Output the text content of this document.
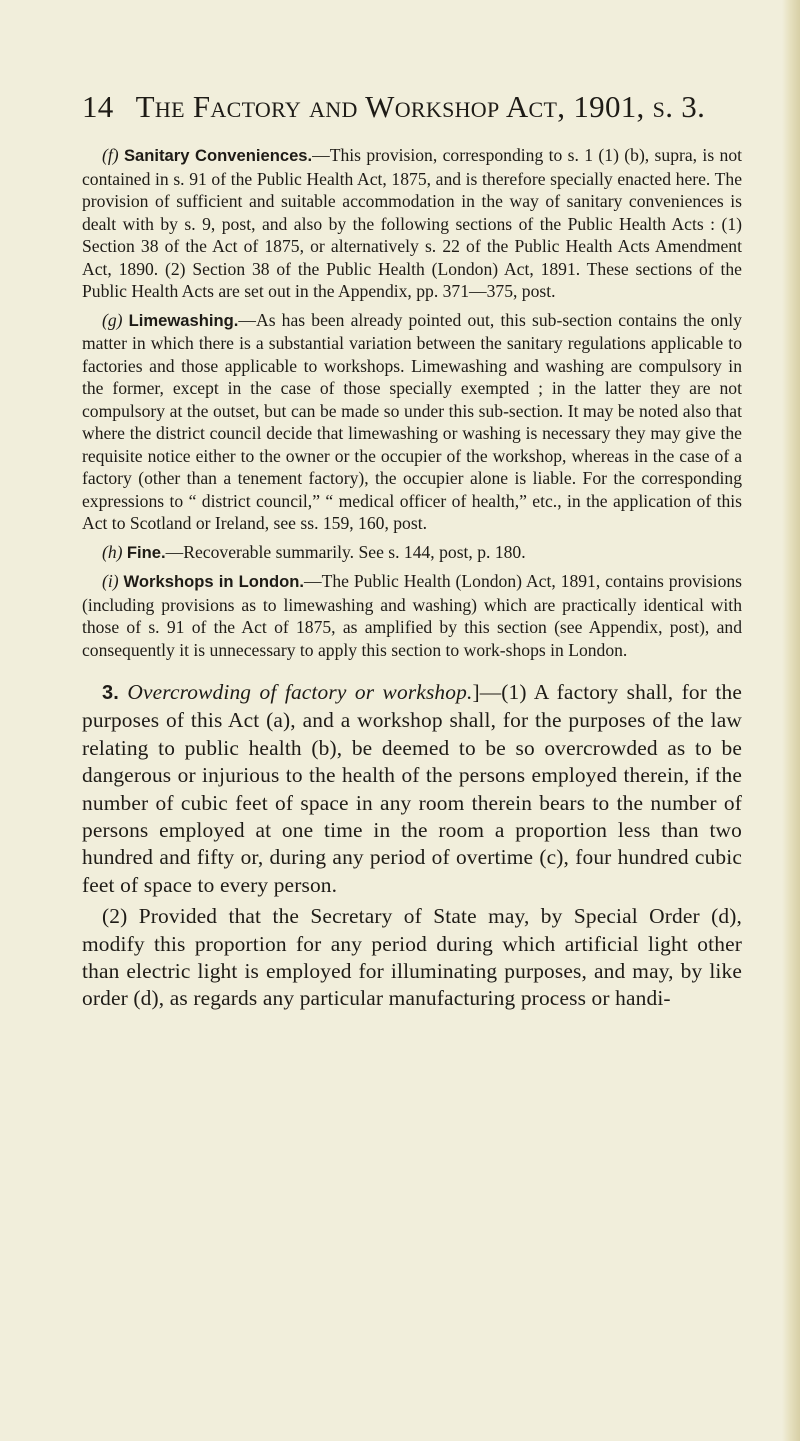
14 The Factory and Workshop Act, 1901, s. 3.

(f) Sanitary Conveniences.—This provision, corresponding to s. 1 (1) (b), supra, is not contained in s. 91 of the Public Health Act, 1875, and is therefore specially enacted here. The provision of sufficient and suitable accommodation in the way of sanitary conveniences is dealt with by s. 9, post, and also by the following sections of the Public Health Acts : (1) Section 38 of the Act of 1875, or alternatively s. 22 of the Public Health Acts Amendment Act, 1890. (2) Section 38 of the Public Health (London) Act, 1891. These sections of the Public Health Acts are set out in the Appendix, pp. 371—375, post.

(g) Limewashing.—As has been already pointed out, this sub-section contains the only matter in which there is a substantial variation between the sanitary regulations applicable to factories and those applicable to workshops. Limewashing and washing are compulsory in the former, except in the case of those specially exempted ; in the latter they are not compulsory at the outset, but can be made so under this sub-section. It may be noted also that where the district council decide that limewashing or washing is necessary they may give the requisite notice either to the owner or the occupier of the workshop, whereas in the case of a factory (other than a tenement factory), the occupier alone is liable. For the corresponding expressions to “ district council,” “ medical officer of health,” etc., in the application of this Act to Scotland or Ireland, see ss. 159, 160, post.

(h) Fine.—Recoverable summarily. See s. 144, post, p. 180.

(i) Workshops in London.—The Public Health (London) Act, 1891, contains provisions (including provisions as to limewashing and washing) which are practically identical with those of s. 91 of the Act of 1875, as amplified by this section (see Appendix, post), and consequently it is unnecessary to apply this section to work-shops in London.

3. Overcrowding of factory or workshop.]—(1) A factory shall, for the purposes of this Act (a), and a workshop shall, for the purposes of the law relating to public health (b), be deemed to be so overcrowded as to be dangerous or injurious to the health of the persons employed therein, if the number of cubic feet of space in any room therein bears to the number of persons employed at one time in the room a proportion less than two hundred and fifty or, during any period of overtime (c), four hundred cubic feet of space to every person.

(2) Provided that the Secretary of State may, by Special Order (d), modify this proportion for any period during which artificial light other than electric light is employed for illuminating purposes, and may, by like order (d), as regards any particular manufacturing process or handi-
